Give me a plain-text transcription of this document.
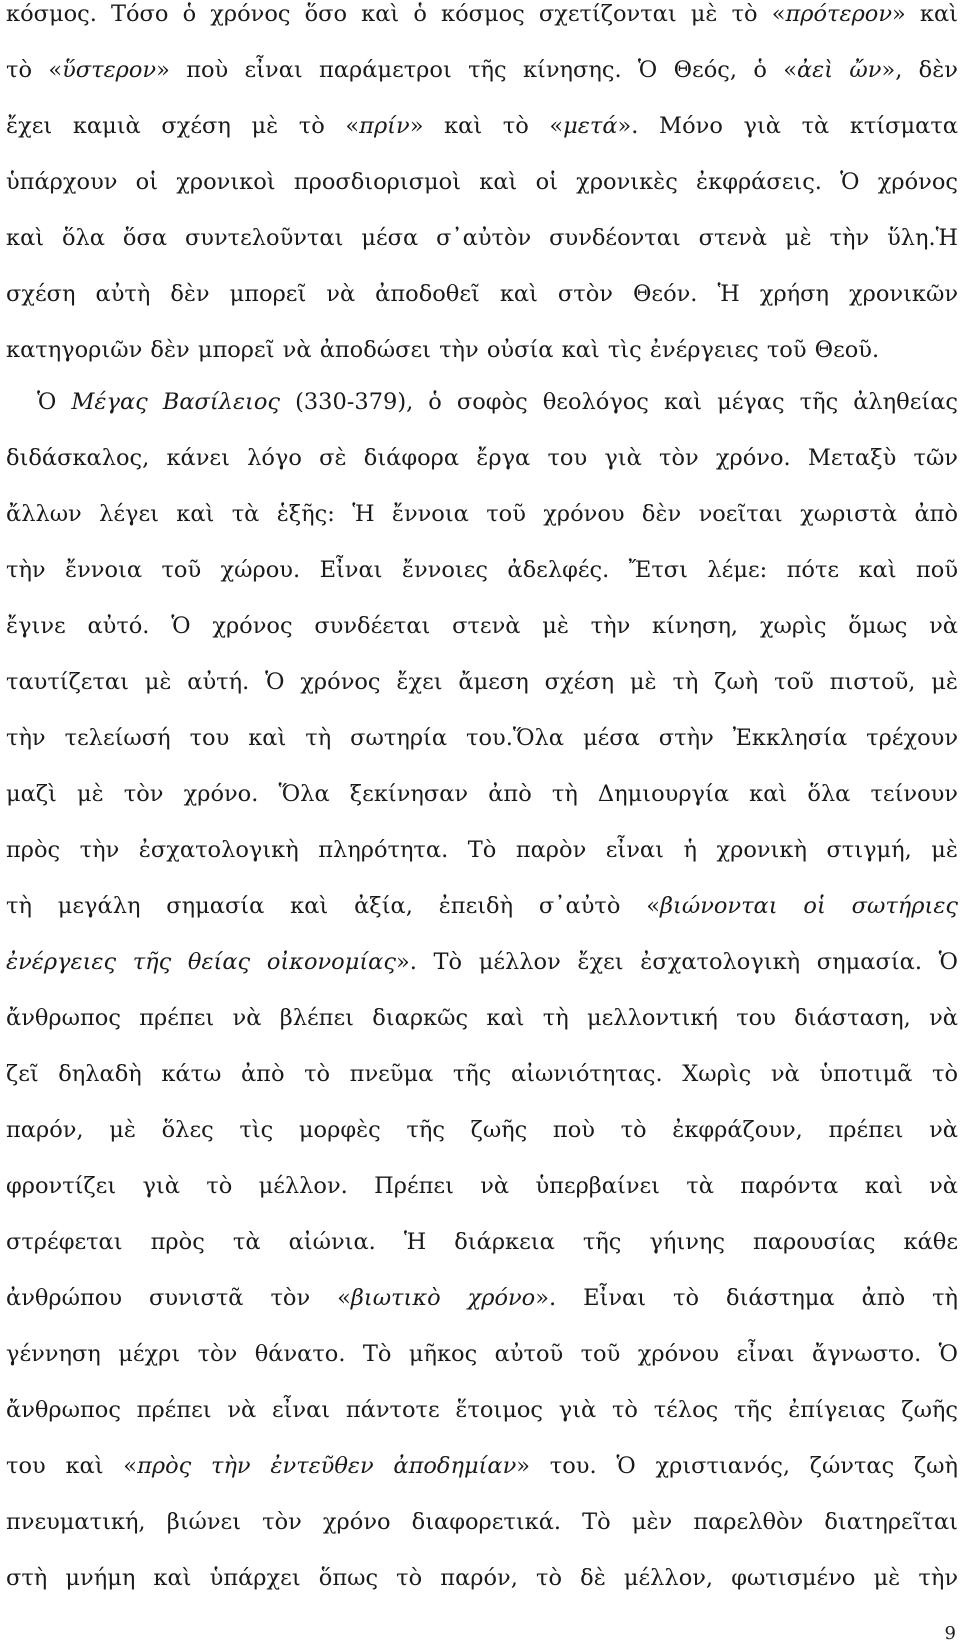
κόσμος. Τόσο ὁ χρόνος ὅσο καὶ ὁ κόσμος σχετίζονται μὲ τὸ «πρότερον» καὶ
τὸ «ὕστερον» ποὺ εἶναι παράμετροι τῆς κίνησης. Ὁ Θεός, ὁ «ἀεὶ ὤν», δὲν
ἔχει καμιὰ σχέση μὲ τὸ «πρίν» καὶ τὸ «μετά». Μόνο γιὰ τὰ κτίσματα
ὑπάρχουν οἱ χρονικοὶ προσδιορισμοὶ καὶ οἱ χρονικὲς ἐκφράσεις. Ὁ χρόνος
καὶ ὅλα ὅσα συντελοῦνται μέσα σ᾽αὐτὸν συνδέονται στενὰ μὲ τὴν ὕλη.Ἡ
σχέση αὐτὴ δὲν μπορεῖ νὰ ἀποδοθεῖ καὶ στὸν Θεόν. Ἡ χρήση χρονικῶν
κατηγοριῶν δὲν μπορεῖ νὰ ἀποδώσει τὴν οὐσία καὶ τὶς ἐνέργειες τοῦ Θεοῦ.
Ὁ Μέγας Βασίλειος (330-379), ὁ σοφὸς θεολόγος καὶ μέγας τῆς ἀληθείας
διδάσκαλος, κάνει λόγο σὲ διάφορα ἔργα του γιὰ τὸν χρόνο. Μεταξὺ τῶν
ἄλλων λέγει καὶ τὰ ἑξῆς: Ἡ ἔννοια τοῦ χρόνου δὲν νοεῖται χωριστὰ ἀπὸ
τὴν ἔννοια τοῦ χώρου. Εἶναι ἔννοιες ἀδελφές. Ἔτσι λέμε: πότε καὶ ποῦ
ἔγινε αὐτό. Ὁ χρόνος συνδέεται στενὰ μὲ τὴν κίνηση, χωρὶς ὅμως νὰ
ταυτίζεται μὲ αὐτή. Ὁ χρόνος ἔχει ἄμεση σχέση μὲ τὴ ζωὴ τοῦ πιστοῦ, μὲ
τὴν τελείωσή του καὶ τὴ σωτηρία του.Ὅλα μέσα στὴν Ἐκκλησία τρέχουν
μαζὶ μὲ τὸν χρόνο. Ὅλα ξεκίνησαν ἀπὸ τὴ Δημιουργία καὶ ὅλα τείνουν
πρὸς τὴν ἐσχατολογικὴ πληρότητα. Τὸ παρὸν εἶναι ἡ χρονικὴ στιγμή, μὲ
τὴ μεγάλη σημασία καὶ ἀξία, ἐπειδὴ σ᾽αὐτὸ «βιώνονται οἱ σωτήριες
ἐνέργειες τῆς θείας οἰκονομίας». Τὸ μέλλον ἔχει ἐσχατολογικὴ σημασία. Ὁ
ἄνθρωπος πρέπει νὰ βλέπει διαρκῶς καὶ τὴ μελλοντική του διάσταση, νὰ
ζεῖ δηλαδὴ κάτω ἀπὸ τὸ πνεῦμα τῆς αἰωνιότητας. Χωρὶς νὰ ὑποτιμᾶ τὸ
παρόν, μὲ ὅλες τὶς μορφὲς τῆς ζωῆς ποὺ τὸ ἐκφράζουν, πρέπει νὰ
φροντίζει γιὰ τὸ μέλλον. Πρέπει νὰ ὑπερβαίνει τὰ παρόντα καὶ νὰ
στρέφεται πρὸς τὰ αἰώνια. Ἡ διάρκεια τῆς γήινης παρουσίας κάθε
ἀνθρώπου συνιστᾶ τὸν «βιωτικὸ χρόνο». Εἶναι τὸ διάστημα ἀπὸ τὴ
γέννηση μέχρι τὸν θάνατο. Τὸ μῆκος αὐτοῦ τοῦ χρόνου εἶναι ἄγνωστο. Ὁ
ἄνθρωπος πρέπει νὰ εἶναι πάντοτε ἕτοιμος γιὰ τὸ τέλος τῆς ἐπίγειας ζωῆς
του καὶ «πρὸς τὴν ἐντεῦθεν ἀποδημίαν» του. Ὁ χριστιανός, ζώντας ζωὴ
πνευματική, βιώνει τὸν χρόνο διαφορετικά. Τὸ μὲν παρελθὸν διατηρεῖται
στὴ μνήμη καὶ ὑπάρχει ὅπως τὸ παρόν, τὸ δὲ μέλλον, φωτισμένο μὲ τὴν
9
